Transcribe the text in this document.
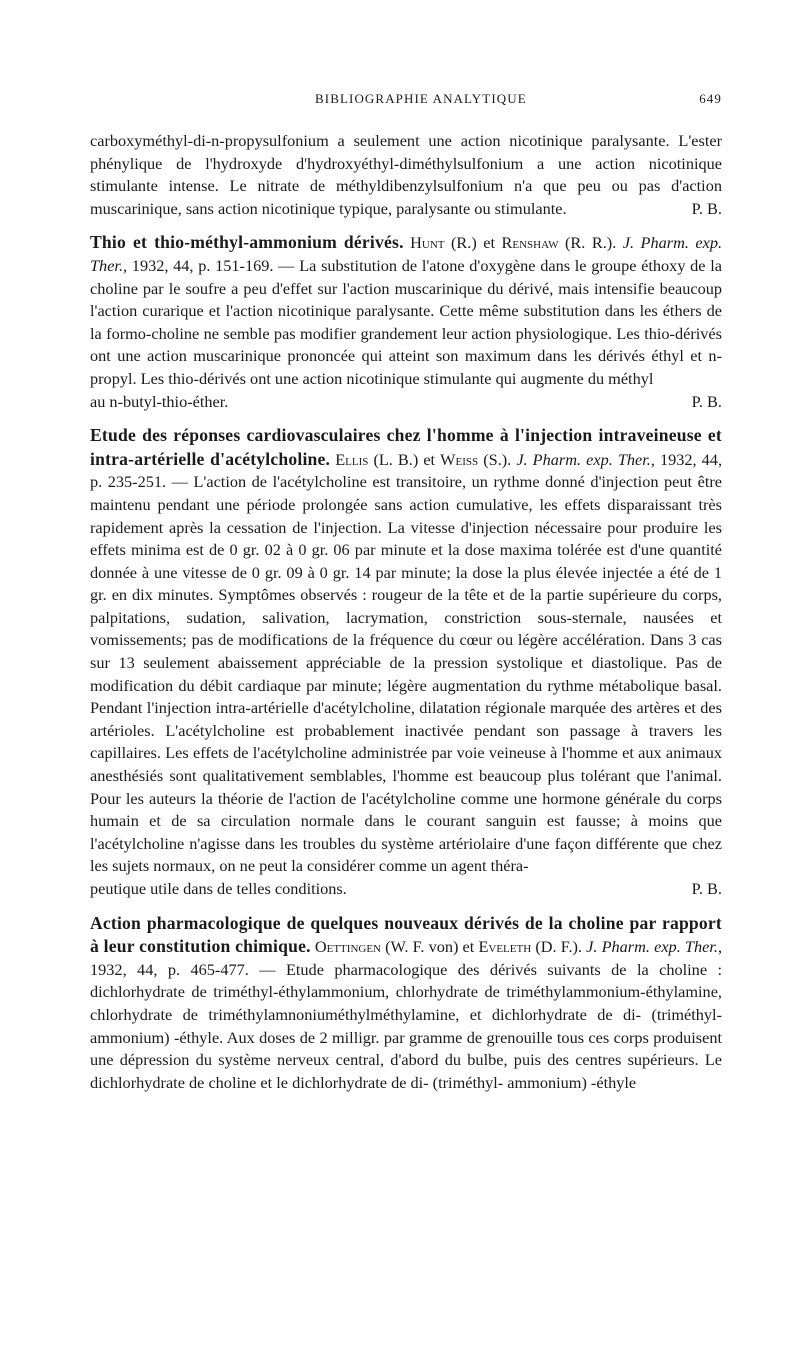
BIBLIOGRAPHIE ANALYTIQUE	649

carboxyméthyl-di-n-propysulfonium a seulement une action nicotinique paralysante. L'ester phénylique de l'hydroxyde d'hydroxyéthyl-diméthylsulfonium a une action nicotinique stimulante intense. Le nitrate de méthyldibenzylsulfonium n'a que peu ou pas d'action muscarinique, sans action nicotinique typique, paralysante ou stimulante.	P. B.

Thio et thio-méthyl-ammonium dérivés. Hunt (R.) et Renshaw (R. R.). J. Pharm. exp. Ther., 1932, 44, p. 151-169. — La substitution de l'atone d'oxygène dans le groupe éthoxy de la choline par le soufre a peu d'effet sur l'action muscarinique du dérivé, mais intensifie beaucoup l'action curarique et l'action nicotinique paralysante. Cette même substitution dans les éthers de la formo-choline ne semble pas modifier grandement leur action physiologique. Les thio-dérivés ont une action muscarinique prononcée qui atteint son maximum dans les dérivés éthyl et n-propyl. Les thio-dérivés ont une action nicotinique stimulante qui augmente du méthyl

au n-butyl-thio-éther.	P. B.

Etude des réponses cardiovasculaires chez l'homme à l'injection intraveineuse et intra-artérielle d'acétylcholine. Ellis (L. B.) et Weiss (S.). J. Pharm. exp. Ther., 1932, 44, p. 235-251. — L'action de l'acétylcholine est transitoire, un rythme donné d'injection peut être maintenu pendant une période prolongée sans action cumulative, les effets disparaissant très rapidement après la cessation de l'injection. La vitesse d'injection nécessaire pour produire les effets minima est de 0 gr. 02 à 0 gr. 06 par minute et la dose maxima tolérée est d'une quantité donnée à une vitesse de 0 gr. 09 à 0 gr. 14 par minute; la dose la plus élevée injectée a été de 1 gr. en dix minutes. Symptômes observés : rougeur de la tête et de la partie supérieure du corps, palpitations, sudation, salivation, lacrymation, constriction sous-sternale, nausées et vomissements; pas de modifications de la fréquence du cœur ou légère accélération. Dans 3 cas sur 13 seulement abaissement appréciable de la pression systolique et diastolique. Pas de modification du débit cardiaque par minute; légère augmentation du rythme métabolique basal. Pendant l'injection intra-artérielle d'acétylcholine, dilatation régionale marquée des artères et des artérioles. L'acétylcholine est probablement inactivée pendant son passage à travers les capillaires. Les effets de l'acétylcholine administrée par voie veineuse à l'homme et aux animaux anesthésiés sont qualitativement semblables, l'homme est beaucoup plus tolérant que l'animal. Pour les auteurs la théorie de l'action de l'acétylcholine comme une hormone générale du corps humain et de sa circulation normale dans le courant sanguin est fausse; à moins que l'acétylcholine n'agisse dans les troubles du système artériolaire d'une façon différente que chez les sujets normaux, on ne peut la considérer comme un agent théra-

peutique utile dans de telles conditions.	P. B.

Action pharmacologique de quelques nouveaux dérivés de la choline par rapport à leur constitution chimique. Oettingen (W. F. von) et Eveleth (D. F.). J. Pharm. exp. Ther., 1932, 44, p. 465-477. — Etude pharmacologique des dérivés suivants de la choline : dichlorhydrate de triméthyl-éthylammonium, chlorhydrate de triméthylammonium-éthylamine, chlorhydrate de triméthylamnoniuméthylméthylamine, et dichlorhydrate de di- (triméthyl-ammonium) -éthyle. Aux doses de 2 milligr. par gramme de grenouille tous ces corps produisent une dépression du système nerveux central, d'abord du bulbe, puis des centres supérieurs. Le dichlorhydrate de choline et le dichlorhydrate de di- (triméthyl- ammonium) -éthyle
